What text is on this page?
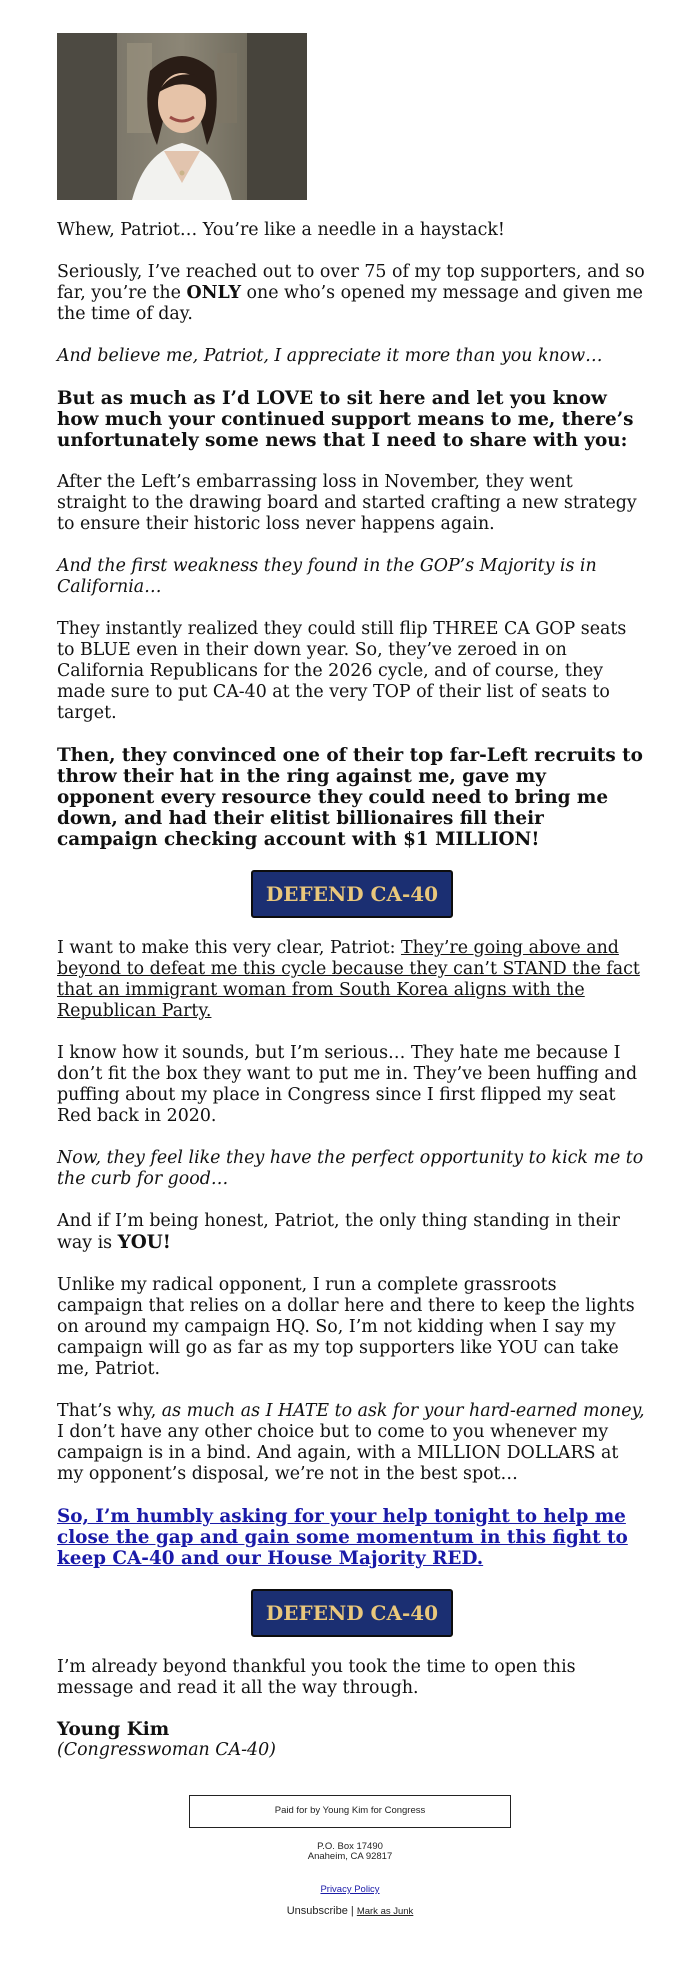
Whew, Patriot… You’re like a needle in a haystack!

Seriously, I’ve reached out to over 75 of my top supporters, and so far, you’re the ONLY one who’s opened my message and given me the time of day.

And believe me, Patriot, I appreciate it more than you know…

But as much as I’d LOVE to sit here and let you know how much your continued support means to me, there’s unfortunately some news that I need to share with you:

After the Left’s embarrassing loss in November, they went straight to the drawing board and started crafting a new strategy to ensure their historic loss never happens again.

And the first weakness they found in the GOP’s Majority is in California…

They instantly realized they could still flip THREE CA GOP seats to BLUE even in their down year. So, they’ve zeroed in on California Republicans for the 2026 cycle, and of course, they made sure to put CA-40 at the very TOP of their list of seats to target.

Then, they convinced one of their top far-Left recruits to throw their hat in the ring against me, gave my opponent every resource they could need to bring me down, and had their elitist billionaires fill their campaign checking account with $1 MILLION!

DEFEND CA-40

I want to make this very clear, Patriot: They’re going above and beyond to defeat me this cycle because they can’t STAND the fact that an immigrant woman from South Korea aligns with the Republican Party.

I know how it sounds, but I’m serious… They hate me because I don’t fit the box they want to put me in. They’ve been huffing and puffing about my place in Congress since I first flipped my seat Red back in 2020.

Now, they feel like they have the perfect opportunity to kick me to the curb for good…

And if I’m being honest, Patriot, the only thing standing in their way is YOU!

Unlike my radical opponent, I run a complete grassroots campaign that relies on a dollar here and there to keep the lights on around my campaign HQ. So, I’m not kidding when I say my campaign will go as far as my top supporters like YOU can take me, Patriot.

That’s why, as much as I HATE to ask for your hard-earned money, I don’t have any other choice but to come to you whenever my campaign is in a bind. And again, with a MILLION DOLLARS at my opponent’s disposal, we’re not in the best spot…

So, I’m humbly asking for your help tonight to help me close the gap and gain some momentum in this fight to keep CA-40 and our House Majority RED.
DEFEND CA-40

I’m already beyond thankful you took the time to open this message and read it all the way through.

Young Kim

(Congresswoman CA-40)

Paid for by Young Kim for Congress
P.O. Box 17490
Anaheim, CA 92817
Privacy Policy
Unsubscribe | Mark as Junk
